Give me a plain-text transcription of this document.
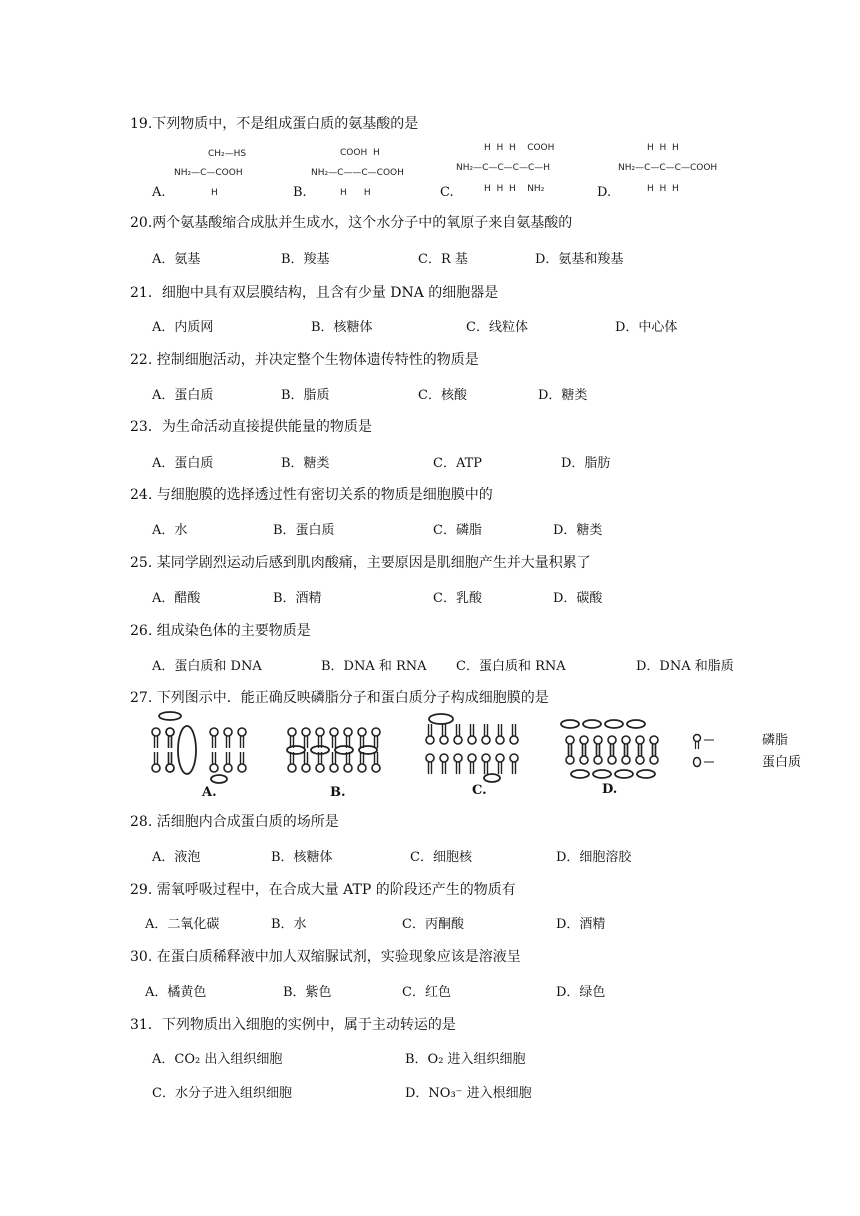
19.下列物质中，不是组成蛋白质的氨基酸的是
A.	B.	C.	D.
CH₂—HS
NH₂—C—COOH
H
COOH  H
NH₂—C——C—COOH
H      H
H  H  H    COOH
NH₂—C—C—C—C—H
H  H  H    NH₂
H  H  H
NH₂—C—C—C—COOH
H  H  H
20.两个氨基酸缩合成肽并生成水，这个水分子中的氧原子来自氨基酸的
A．氨基	B．羧基	C．R 基	D．氨基和羧基
21．细胞中具有双层膜结构，且含有少量 DNA 的细胞器是
A．内质网	B．核糖体	C．线粒体	D．中心体
22. 控制细胞活动，并决定整个生物体遗传特性的物质是
A．蛋白质	B．脂质	C．核酸	D．糖类
23．为生命活动直接提供能量的物质是
A．蛋白质	B．糖类	C．ATP	D．脂肪
24. 与细胞膜的选择透过性有密切关系的物质是细胞膜中的
A．水	B．蛋白质	C．磷脂	D．糖类
25. 某同学剧烈运动后感到肌肉酸痛，主要原因是肌细胞产生并大量积累了
A．醋酸	B．酒精	C．乳酸	D．碳酸
26. 组成染色体的主要物质是
A．蛋白质和 DNA	B．DNA 和 RNA C．蛋白质和 RNA	D．DNA 和脂质
27. 下列图示中．能正确反映磷脂分子和蛋白质分子构成细胞膜的是
A.	B.	C.	D.
磷脂
蛋白质
28. 活细胞内合成蛋白质的场所是
A．液泡	B．核糖体	C．细胞核	D．细胞溶胶
29. 需氧呼吸过程中，在合成大量 ATP 的阶段还产生的物质有
A．二氧化碳	B．水	C．丙酮酸	D．酒精
30. 在蛋白质稀释液中加人双缩脲试剂，实验现象应该是溶液呈
A．橘黄色	B．紫色	C．红色	D．绿色
31．下列物质出入细胞的实例中，属于主动转运的是
A．CO₂ 出入组织细胞	B．O₂ 进入组织细胞
C．水分子进入组织细胞	D．NO₃⁻ 进入根细胞
